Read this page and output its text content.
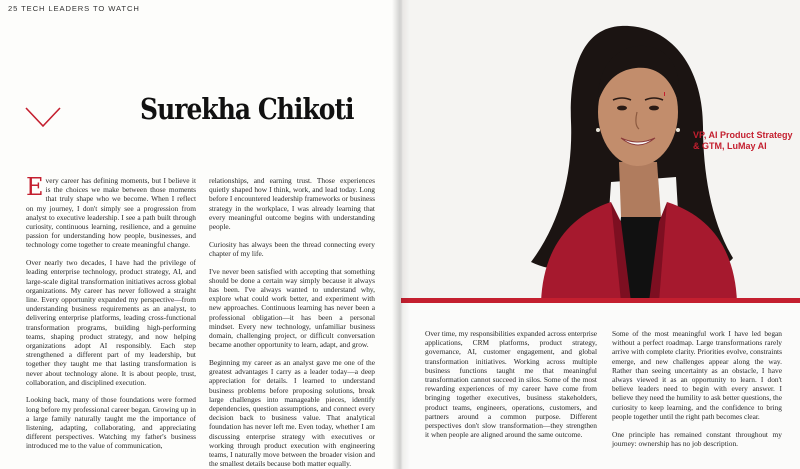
25 TECH LEADERS TO WATCH
Surekha Chikoti

Every career has defining moments, but I believe it is the choices we make between those moments that truly shape who we become. When I reflect on my journey, I don't simply see a progression from analyst to executive leadership. I see a path built through curiosity, continuous learning, resilience, and a genuine passion for understanding how people, businesses, and technology come together to create meaningful change.

Over nearly two decades, I have had the privilege of leading enterprise technology, product strategy, AI, and large-scale digital transformation initiatives across global organizations. My career has never followed a straight line. Every opportunity expanded my perspective—from understanding business requirements as an analyst, to delivering enterprise platforms, leading cross-functional transformation programs, building high-performing teams, shaping product strategy, and now helping organizations adopt AI responsibly. Each step strengthened a different part of my leadership, but together they taught me that lasting transformation is never about technology alone. It is about people, trust, collaboration, and disciplined execution.

Looking back, many of those foundations were formed long before my professional career began. Growing up in a large family naturally taught me the importance of listening, adapting, collaborating, and appreciating different perspectives. Watching my father's business introduced me to the value of communication,

relationships, and earning trust. Those experiences quietly shaped how I think, work, and lead today. Long before I encountered leadership frameworks or business strategy in the workplace, I was already learning that every meaningful outcome begins with understanding people.

Curiosity has always been the thread connecting every chapter of my life.

I've never been satisfied with accepting that something should be done a certain way simply because it always has been. I've always wanted to understand why, explore what could work better, and experiment with new approaches. Continuous learning has never been a professional obligation—it has been a personal mindset. Every new technology, unfamiliar business domain, challenging project, or difficult conversation became another opportunity to learn, adapt, and grow.

Beginning my career as an analyst gave me one of the greatest advantages I carry as a leader today—a deep appreciation for details. I learned to understand business problems before proposing solutions, break large challenges into manageable pieces, identify dependencies, question assumptions, and connect every decision back to business value. That analytical foundation has never left me. Even today, whether I am discussing enterprise strategy with executives or working through product execution with engineering teams, I naturally move between the broader vision and the smallest details because both matter equally.

VP, AI Product Strategy & GTM, LuMay AI

Over time, my responsibilities expanded across enterprise applications, CRM platforms, product strategy, governance, AI, customer engagement, and global transformation initiatives. Working across multiple business functions taught me that meaningful transformation cannot succeed in silos. Some of the most rewarding experiences of my career have come from bringing together executives, business stakeholders, product teams, engineers, operations, customers, and partners around a common purpose. Different perspectives don't slow transformation—they strengthen it when people are aligned around the same outcome.

Some of the most meaningful work I have led began without a perfect roadmap. Large transformations rarely arrive with complete clarity. Priorities evolve, constraints emerge, and new challenges appear along the way. Rather than seeing uncertainty as an obstacle, I have always viewed it as an opportunity to learn. I don't believe leaders need to begin with every answer. I believe they need the humility to ask better questions, the curiosity to keep learning, and the confidence to bring people together until the right path becomes clear.

One principle has remained constant throughout my journey: ownership has no job description.
